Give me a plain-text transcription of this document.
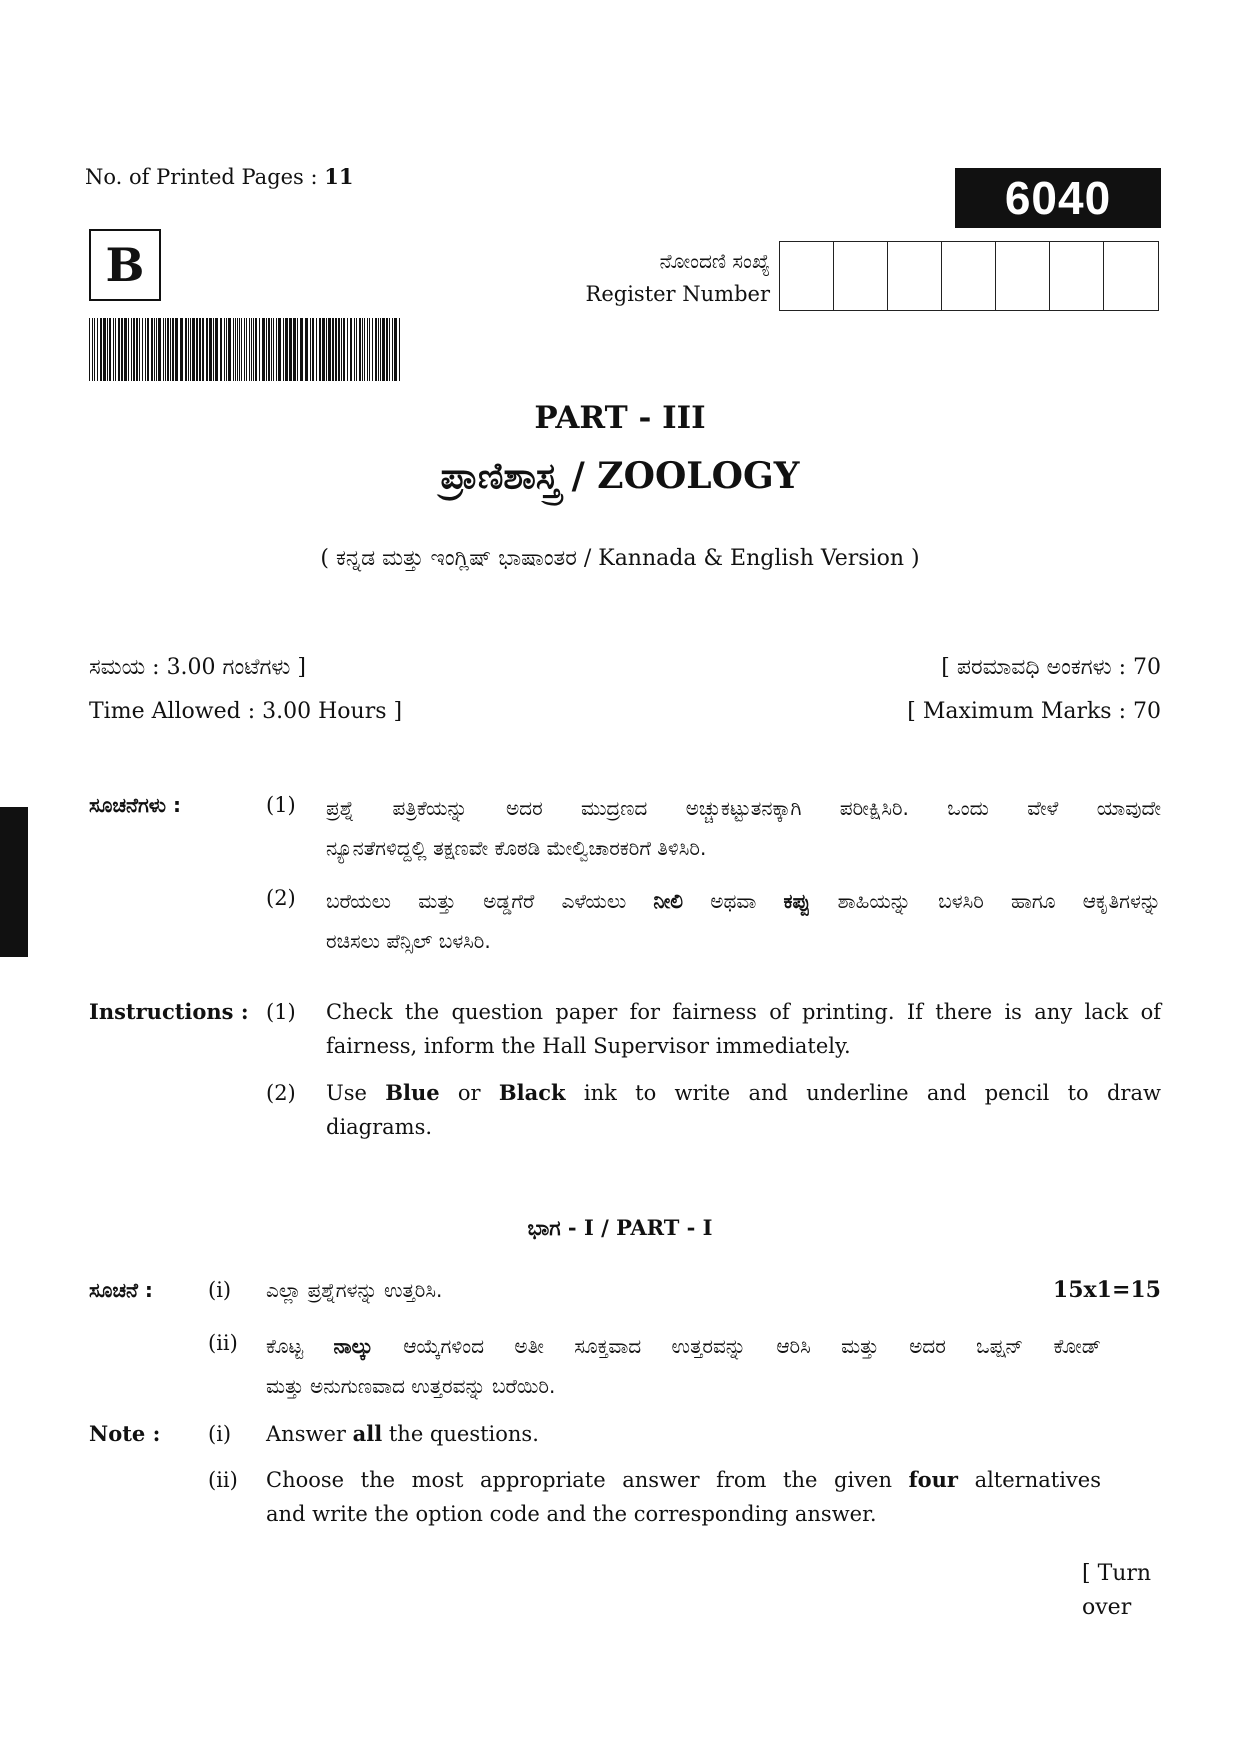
No. of Printed Pages : 11	6040
B	ನೋಂದಣಿ ಸಂಖ್ಯೆ
Register Number
PART - III
ಪ್ರಾಣಿಶಾಸ್ತ್ರ / ZOOLOGY
( ಕನ್ನಡ ಮತ್ತು ಇಂಗ್ಲಿಷ್ ಭಾಷಾಂತರ / Kannada & English Version )
ಸಮಯ : 3.00 ಗಂಟೆಗಳು ]	[ ಪರಮಾವಧಿ ಅಂಕಗಳು : 70
Time Allowed : 3.00 Hours ]	[ Maximum Marks : 70
ಸೂಚನೆಗಳು :	(1) ಪ್ರಶ್ನೆ ಪತ್ರಿಕೆಯನ್ನು ಅದರ ಮುದ್ರಣದ ಅಚ್ಚುಕಟ್ಟುತನಕ್ಕಾಗಿ ಪರೀಕ್ಷಿಸಿರಿ. ಒಂದು ವೇಳೆ ಯಾವುದೇ
ನ್ಯೂನತೆಗಳಿದ್ದಲ್ಲಿ ತಕ್ಷಣವೇ ಕೊಠಡಿ ಮೇಲ್ವಿಚಾರಕರಿಗೆ ತಿಳಿಸಿರಿ.
(2) ಬರೆಯಲು ಮತ್ತು ಅಡ್ಡಗೆರೆ ಎಳೆಯಲು ನೀಲಿ ಅಥವಾ ಕಪ್ಪು ಶಾಹಿಯನ್ನು ಬಳಸಿರಿ ಹಾಗೂ ಆಕೃತಿಗಳನ್ನು
ರಚಿಸಲು ಪೆನ್ಸಿಲ್ ಬಳಸಿರಿ.
Instructions : (1) Check the question paper for fairness of printing. If there is any lack of
fairness, inform the Hall Supervisor immediately.
(2) Use Blue or Black ink to write and underline and pencil to draw
diagrams.
ಭಾಗ - I / PART - I
ಸೂಚನೆ :	(i) ಎಲ್ಲಾ ಪ್ರಶ್ನೆಗಳನ್ನು ಉತ್ತರಿಸಿ.	15x1=15
(ii) ಕೊಟ್ಟ ನಾಲ್ಕು ಆಯ್ಕೆಗಳಿಂದ ಅತೀ ಸೂಕ್ತವಾದ ಉತ್ತರವನ್ನು ಆರಿಸಿ ಮತ್ತು ಅದರ ಒಪ್ಷನ್ ಕೋಡ್
ಮತ್ತು ಅನುಗುಣವಾದ ಉತ್ತರವನ್ನು ಬರೆಯಿರಿ.
Note : (i) Answer all the questions.
(ii) Choose the most appropriate answer from the given four alternatives
and write the option code and the corresponding answer.
[ Turn over
